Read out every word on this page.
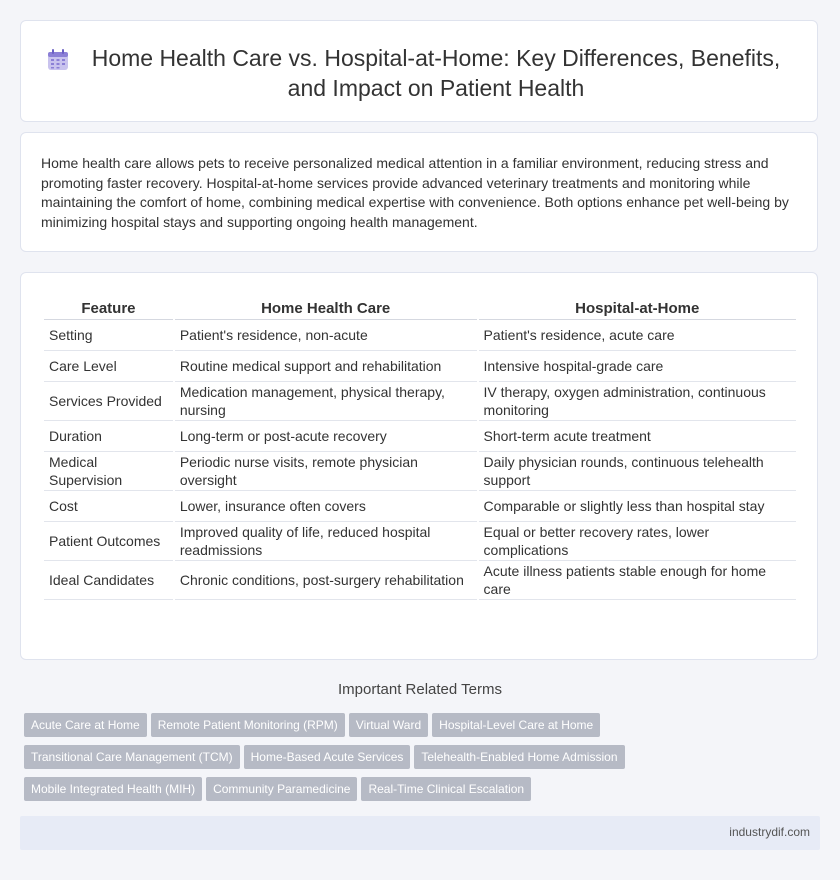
Home Health Care vs. Hospital-at-Home: Key Differences, Benefits, and Impact on Patient Health

Home health care allows pets to receive personalized medical attention in a familiar environment, reducing stress and promoting faster recovery. Hospital-at-home services provide advanced veterinary treatments and monitoring while maintaining the comfort of home, combining medical expertise with convenience. Both options enhance pet well-being by minimizing hospital stays and supporting ongoing health management.

Feature	Home Health Care	Hospital-at-Home
Setting	Patient's residence, non-acute	Patient's residence, acute care
Care Level	Routine medical support and rehabilitation	Intensive hospital-grade care
Services Provided	Medication management, physical therapy, nursing	IV therapy, oxygen administration, continuous monitoring
Duration	Long-term or post-acute recovery	Short-term acute treatment
Medical Supervision	Periodic nurse visits, remote physician oversight	Daily physician rounds, continuous telehealth support
Cost	Lower, insurance often covers	Comparable or slightly less than hospital stay
Patient Outcomes	Improved quality of life, reduced hospital readmissions	Equal or better recovery rates, lower complications
Ideal Candidates	Chronic conditions, post-surgery rehabilitation	Acute illness patients stable enough for home care
Important Related Terms
Acute Care at Home Remote Patient Monitoring (RPM) Virtual Ward Hospital-Level Care at Home
Transitional Care Management (TCM) Home-Based Acute Services Telehealth-Enabled Home Admission
Mobile Integrated Health (MIH) Community Paramedicine Real-Time Clinical Escalation
industrydif.com
